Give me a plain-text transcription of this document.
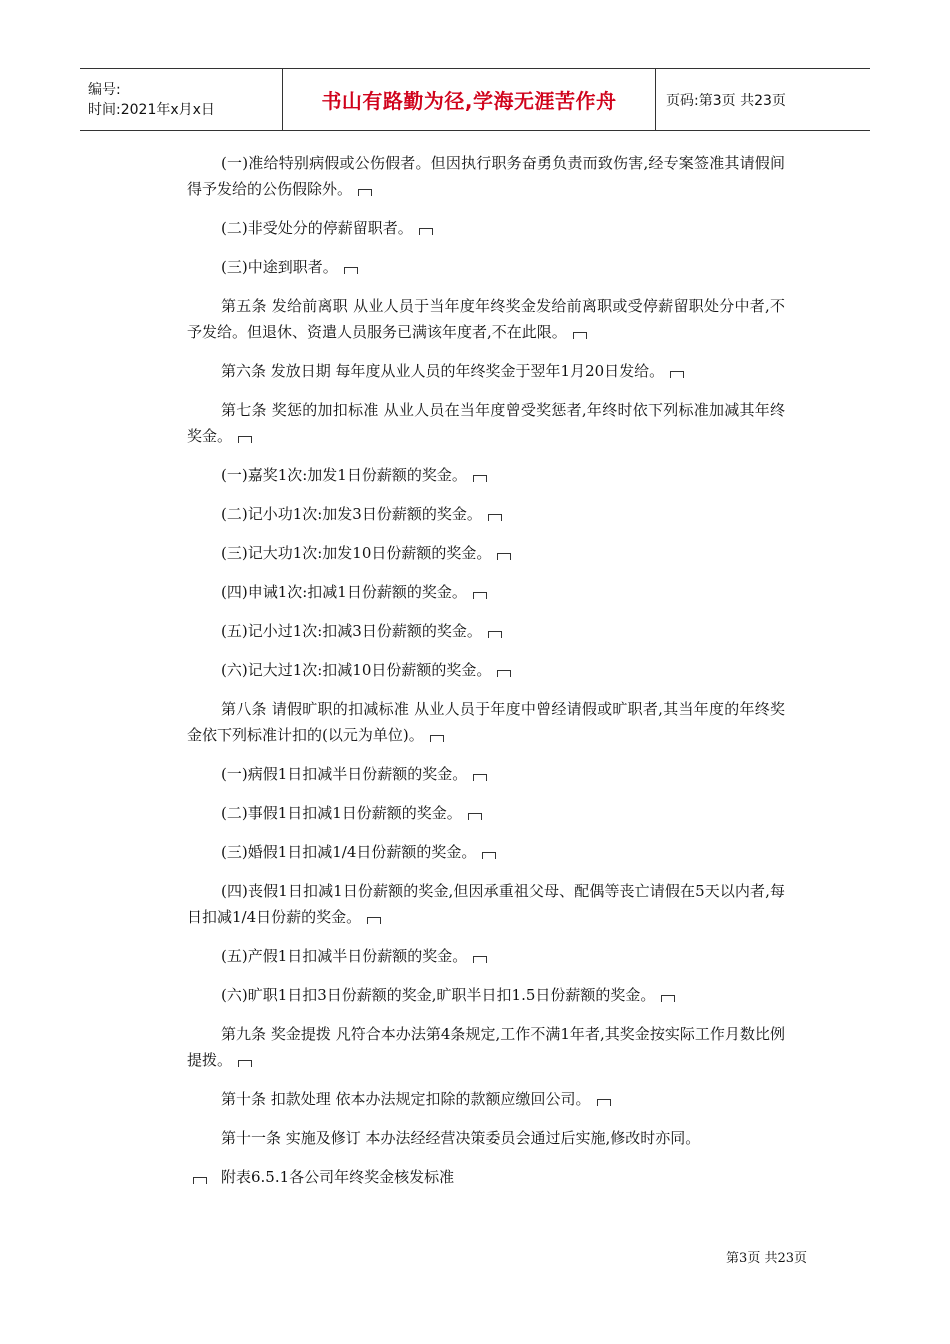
编号:
时间:2021年x月x日	书山有路勤为径,学海无涯苦作舟	页码:第3页 共23页

(一)准给特别病假或公伤假者。但因执行职务奋勇负责而致伤害,经专案签准其请假间得予发给的公伤假除外。

(二)非受处分的停薪留职者。

(三)中途到职者。

第五条 发给前离职 从业人员于当年度年终奖金发给前离职或受停薪留职处分中者,不予发给。但退休、资遣人员服务已满该年度者,不在此限。

第六条 发放日期 每年度从业人员的年终奖金于翌年1月20日发给。

第七条 奖惩的加扣标准 从业人员在当年度曾受奖惩者,年终时依下列标准加减其年终奖金。

(一)嘉奖1次:加发1日份薪额的奖金。

(二)记小功1次:加发3日份薪额的奖金。

(三)记大功1次:加发10日份薪额的奖金。

(四)申诫1次:扣减1日份薪额的奖金。

(五)记小过1次:扣减3日份薪额的奖金。

(六)记大过1次:扣减10日份薪额的奖金。

第八条 请假旷职的扣减标准 从业人员于年度中曾经请假或旷职者,其当年度的年终奖金依下列标准计扣的(以元为单位)。

(一)病假1日扣减半日份薪额的奖金。

(二)事假1日扣减1日份薪额的奖金。

(三)婚假1日扣减1/4日份薪额的奖金。

(四)丧假1日扣减1日份薪额的奖金,但因承重祖父母、配偶等丧亡请假在5天以内者,每日扣减1/4日份薪的奖金。

(五)产假1日扣减半日份薪额的奖金。

(六)旷职1日扣3日份薪额的奖金,旷职半日扣1.5日份薪额的奖金。

第九条 奖金提拨 凡符合本办法第4条规定,工作不满1年者,其奖金按实际工作月数比例提拨。

第十条 扣款处理 依本办法规定扣除的款额应缴回公司。

第十一条 实施及修订 本办法经经营决策委员会通过后实施,修改时亦同。

附表6.5.1各公司年终奖金核发标准

第3页 共23页
